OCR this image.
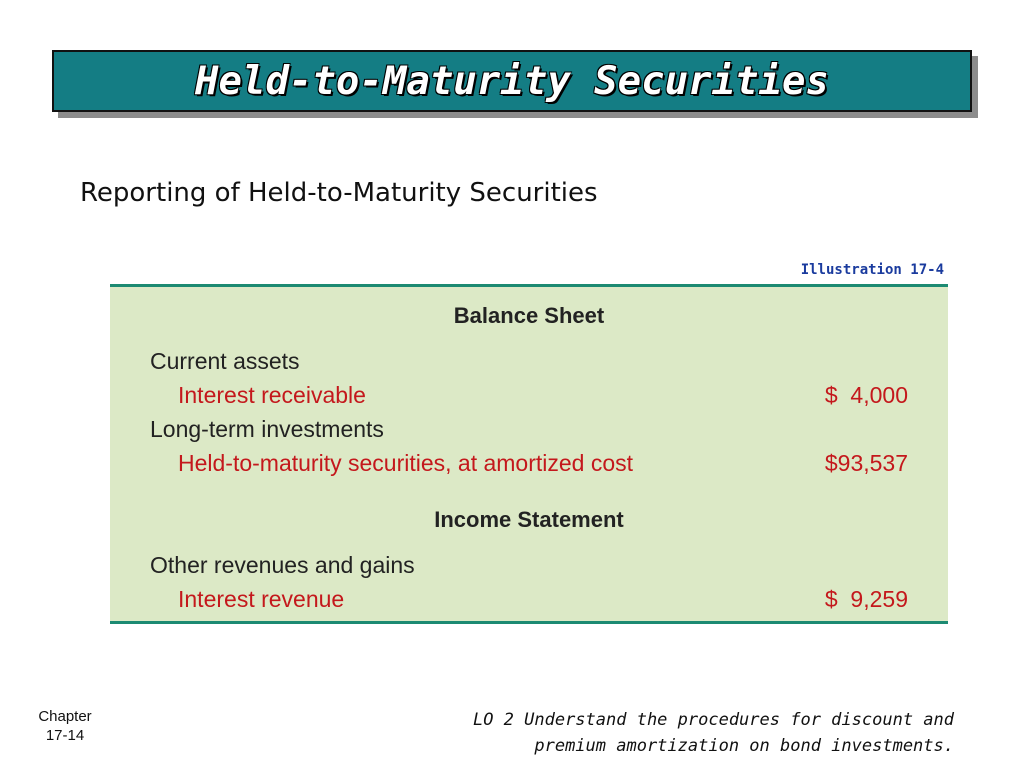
Held-to-Maturity Securities
Reporting of Held-to-Maturity Securities
Illustration 17-4
Balance Sheet
Current assets
Interest receivable	$  4,000
Long-term investments
Held-to-maturity securities, at amortized cost	$93,537
Income Statement
Other revenues and gains
Interest revenue	$  9,259
Chapter
17-14
LO 2 Understand the procedures for discount and
premium amortization on bond investments.
